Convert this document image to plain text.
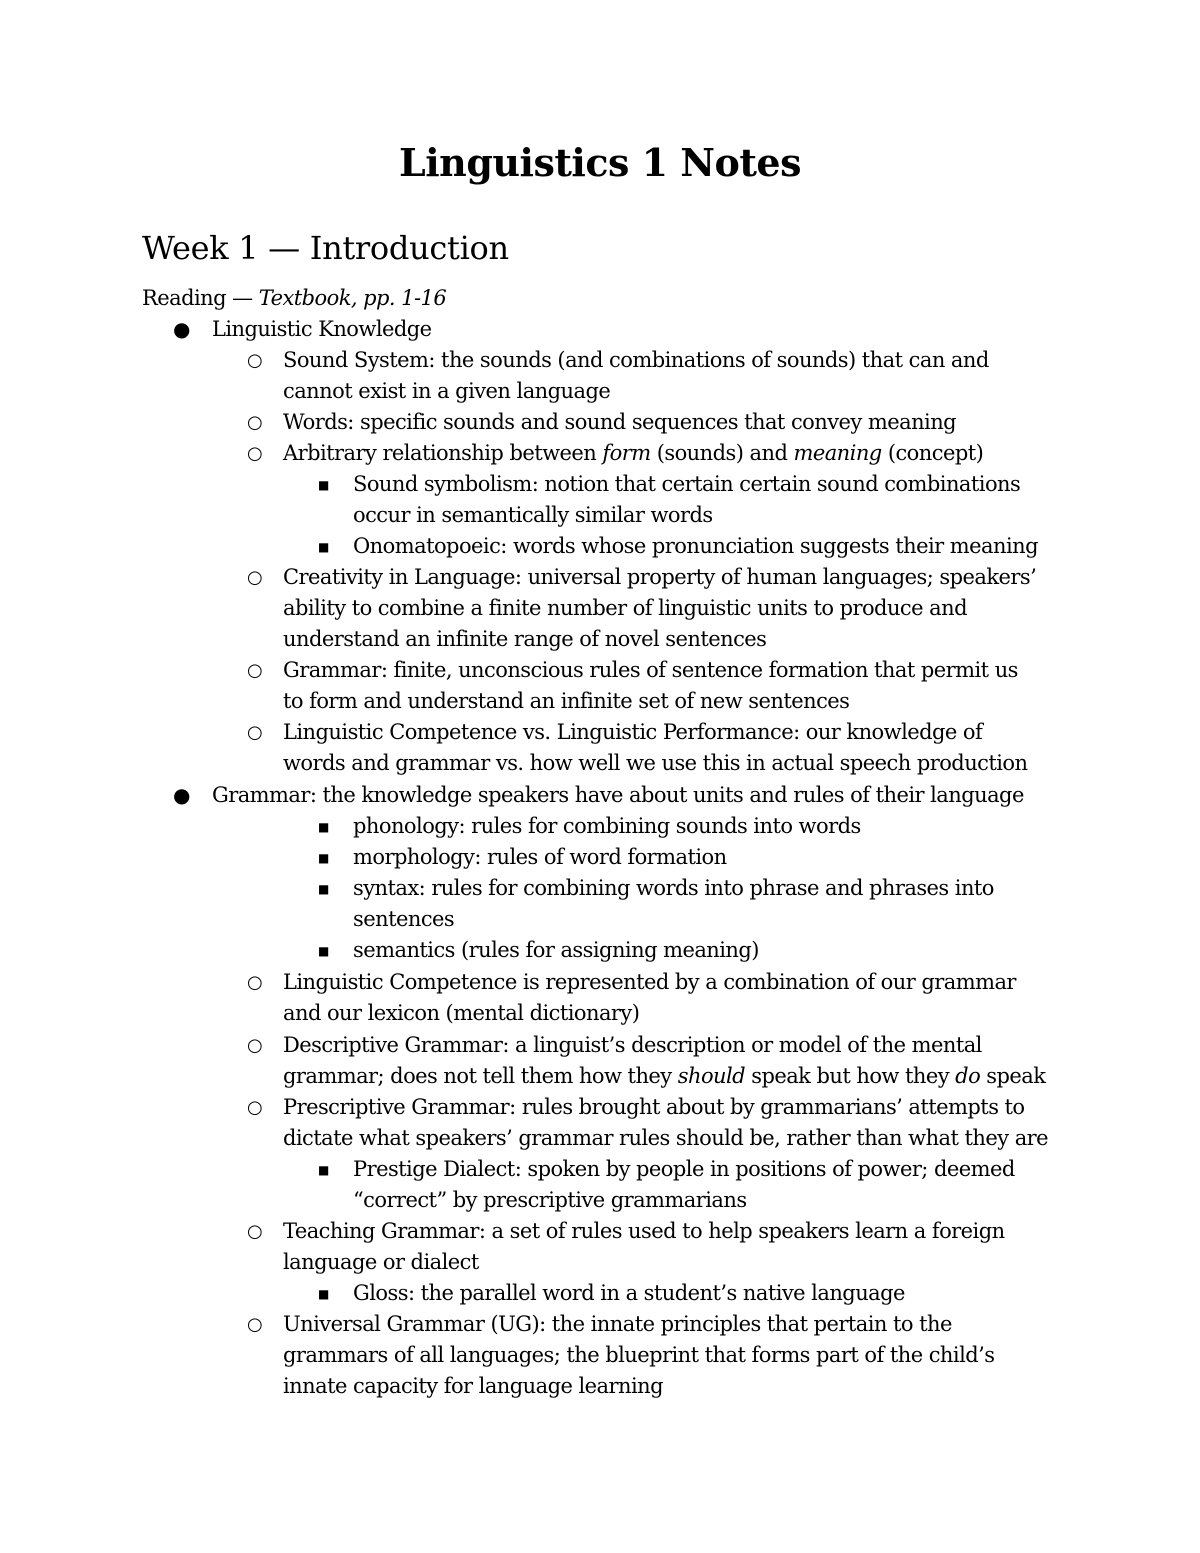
Linguistics 1 Notes
Week 1 — Introduction
Reading — Textbook, pp. 1-16
● Linguistic Knowledge
○ Sound System: the sounds (and combinations of sounds) that can and
cannot exist in a given language
○ Words: specific sounds and sound sequences that convey meaning
○ Arbitrary relationship between form (sounds) and meaning (concept)
■ Sound symbolism: notion that certain certain sound combinations
occur in semantically similar words
■ Onomatopoeic: words whose pronunciation suggests their meaning
○ Creativity in Language: universal property of human languages; speakers’
ability to combine a finite number of linguistic units to produce and
understand an infinite range of novel sentences
○ Grammar: finite, unconscious rules of sentence formation that permit us
to form and understand an infinite set of new sentences
○ Linguistic Competence vs. Linguistic Performance: our knowledge of
words and grammar vs. how well we use this in actual speech production
● Grammar: the knowledge speakers have about units and rules of their language
■ phonology: rules for combining sounds into words
■ morphology: rules of word formation
■ syntax: rules for combining words into phrase and phrases into
sentences
■ semantics (rules for assigning meaning)
○ Linguistic Competence is represented by a combination of our grammar
and our lexicon (mental dictionary)
○ Descriptive Grammar: a linguist’s description or model of the mental
grammar; does not tell them how they should speak but how they do speak
○ Prescriptive Grammar: rules brought about by grammarians’ attempts to
dictate what speakers’ grammar rules should be, rather than what they are
■ Prestige Dialect: spoken by people in positions of power; deemed
“correct” by prescriptive grammarians
○ Teaching Grammar: a set of rules used to help speakers learn a foreign
language or dialect
■ Gloss: the parallel word in a student’s native language
○ Universal Grammar (UG): the innate principles that pertain to the
grammars of all languages; the blueprint that forms part of the child’s
innate capacity for language learning
